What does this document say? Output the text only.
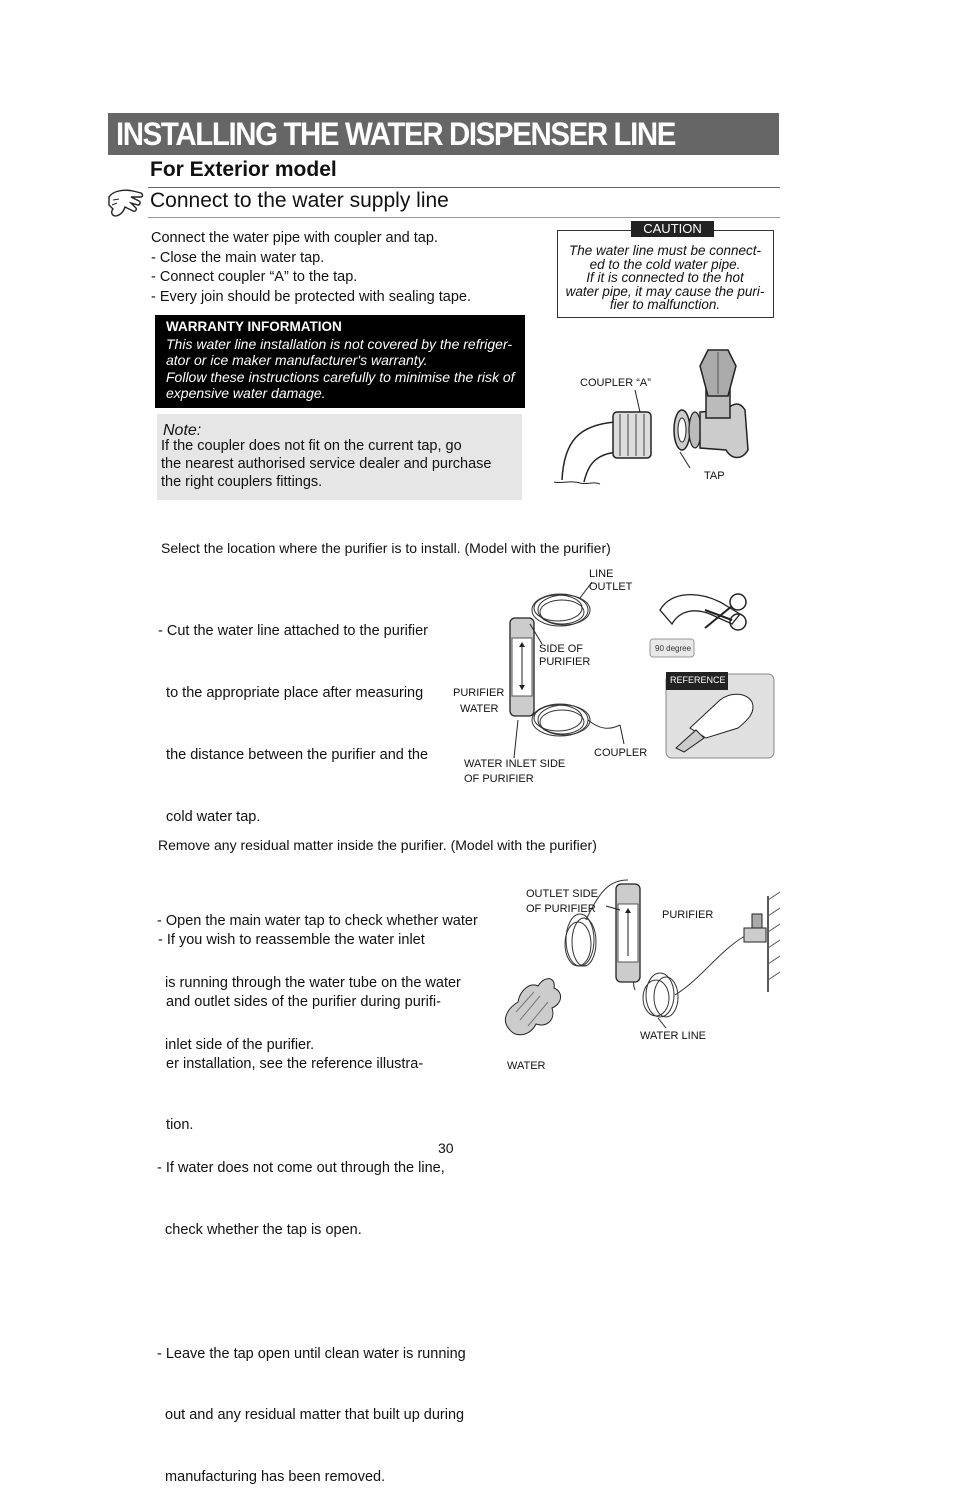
INSTALLING THE WATER DISPENSER LINE
For Exterior model
Connect to the water supply line
Connect the water pipe with coupler and tap.
- Close the main water tap.
- Connect coupler “A” to the tap.
- Every join should be protected with sealing tape.
CAUTION
The water line must be connect-
ed to the cold water pipe.
If it is connected to the hot
water pipe, it may cause the puri-
fier to malfunction.
WARRANTY INFORMATION
This water line installation is not covered by the refriger-
ator or ice maker manufacturer's warranty.
Follow these instructions carefully to minimise the risk of
expensive water damage.
Note:
If the coupler does not fit on the current tap, go
the nearest authorised service dealer and purchase
the right couplers fittings.
COUPLER “A”
TAP
Select the location where the purifier is to install. (Model with the purifier)

- Cut the water line attached to the purifier

to the appropriate place after measuring

the distance between the purifier and the

cold water tap.

- If you wish to reassemble the water inlet

and outlet sides of the purifier during purifi-

er installation, see the reference illustra-

tion.

LINE
OUTLET
SIDE OF
PURIFIER
PURIFIER
WATER
COUPLER
WATER INLET SIDE
OF PURIFIER
90 degree
REFERENCE
Remove any residual matter inside the purifier. (Model with the purifier)

- Open the main water tap to check whether water

is running through the water tube on the water

inlet side of the purifier.

- If water does not come out through the line,

check whether the tap is open.

- Leave the tap open until clean water is running

out and any residual matter that built up during

manufacturing has been removed.

OUTLET SIDE
OF PURIFIER	PURIFIER
WATER LINE
WATER
30
